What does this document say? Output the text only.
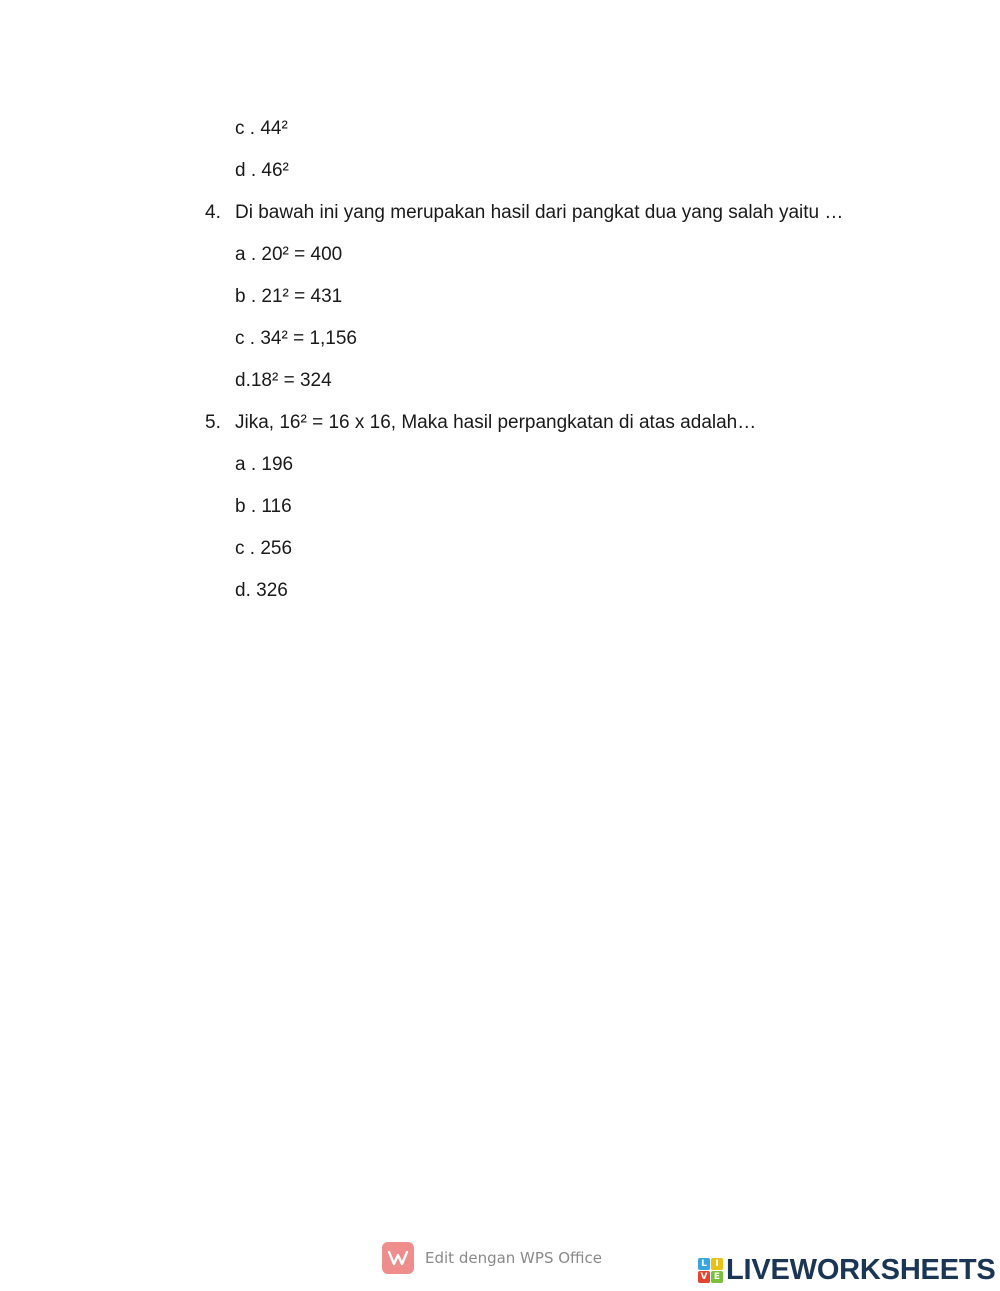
c . 44²
d . 46²
4. Di bawah ini yang merupakan hasil dari pangkat dua yang salah yaitu …
a . 20² = 400
b . 21² = 431
c . 34² = 1,156
d.18² = 324
5. Jika, 16² = 16 x 16, Maka hasil perpangkatan di atas adalah…
a . 196
b . 116
c . 256
d. 326
Edit dengan WPS Office	L I
V E LIVEWORKSHEETS
